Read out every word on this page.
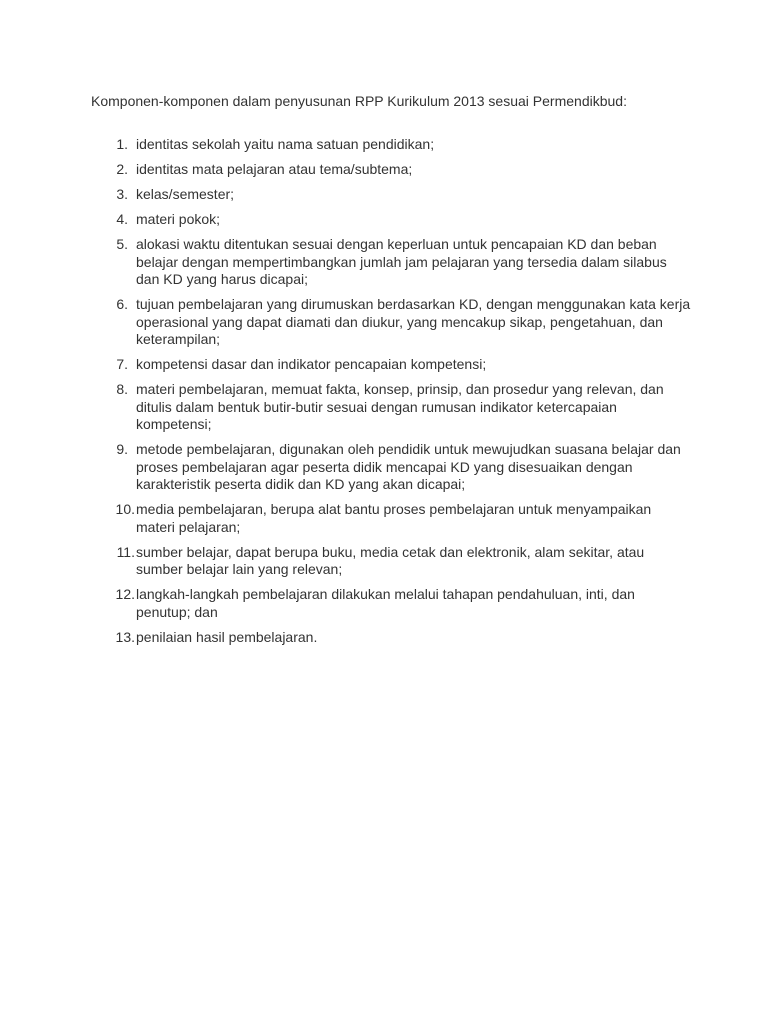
Komponen-komponen dalam penyusunan RPP Kurikulum 2013 sesuai Permendikbud:
1. identitas sekolah yaitu nama satuan pendidikan;
2. identitas mata pelajaran atau tema/subtema;
3. kelas/semester;
4. materi pokok;
5. alokasi waktu ditentukan sesuai dengan keperluan untuk pencapaian KD dan beban belajar dengan mempertimbangkan jumlah jam pelajaran yang tersedia dalam silabus dan KD yang harus dicapai;
6. tujuan pembelajaran yang dirumuskan berdasarkan KD, dengan menggunakan kata kerja operasional yang dapat diamati dan diukur, yang mencakup sikap, pengetahuan, dan keterampilan;
7. kompetensi dasar dan indikator pencapaian kompetensi;
8. materi pembelajaran, memuat fakta, konsep, prinsip, dan prosedur yang relevan, dan ditulis dalam bentuk butir-butir sesuai dengan rumusan indikator ketercapaian kompetensi;
9. metode pembelajaran, digunakan oleh pendidik untuk mewujudkan suasana belajar dan proses pembelajaran agar peserta didik mencapai KD yang disesuaikan dengan karakteristik peserta didik dan KD yang akan dicapai;
10. media pembelajaran, berupa alat bantu proses pembelajaran untuk menyampaikan materi pelajaran;
11. sumber belajar, dapat berupa buku, media cetak dan elektronik, alam sekitar, atau sumber belajar lain yang relevan;
12. langkah-langkah pembelajaran dilakukan melalui tahapan pendahuluan, inti, dan penutup; dan
13. penilaian hasil pembelajaran.
